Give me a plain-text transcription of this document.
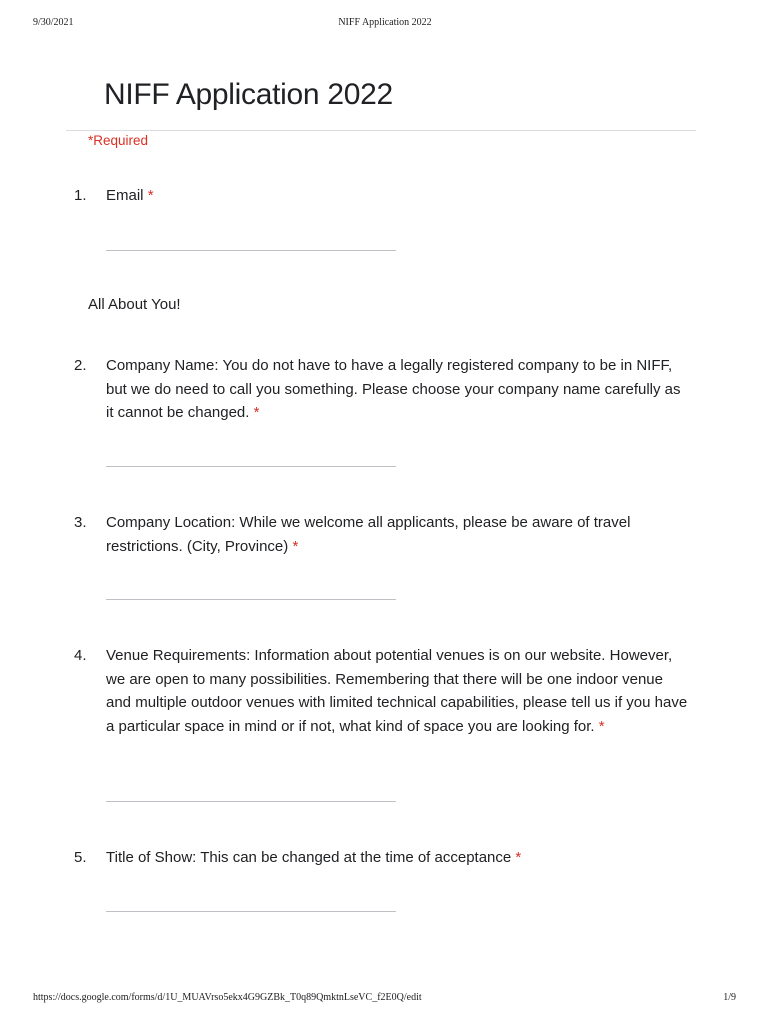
9/30/2021	NIFF Application 2022
NIFF Application 2022
*Required
1.	Email *
All About You!
2.	Company Name: You do not have to have a legally registered company to be in NIFF, but we do need to call you something. Please choose your company name carefully as it cannot be changed. *
3.	Company Location: While we welcome all applicants, please be aware of travel restrictions. (City, Province) *
4.	Venue Requirements: Information about potential venues is on our website. However, we are open to many possibilities. Remembering that there will be one indoor venue and multiple outdoor venues with limited technical capabilities, please tell us if you have a particular space in mind or if not, what kind of space you are looking for. *
5.	Title of Show: This can be changed at the time of acceptance *
https://docs.google.com/forms/d/1U_MUAVrso5ekx4G9GZBk_T0q89QmktnLseVC_f2E0Q/edit	1/9
